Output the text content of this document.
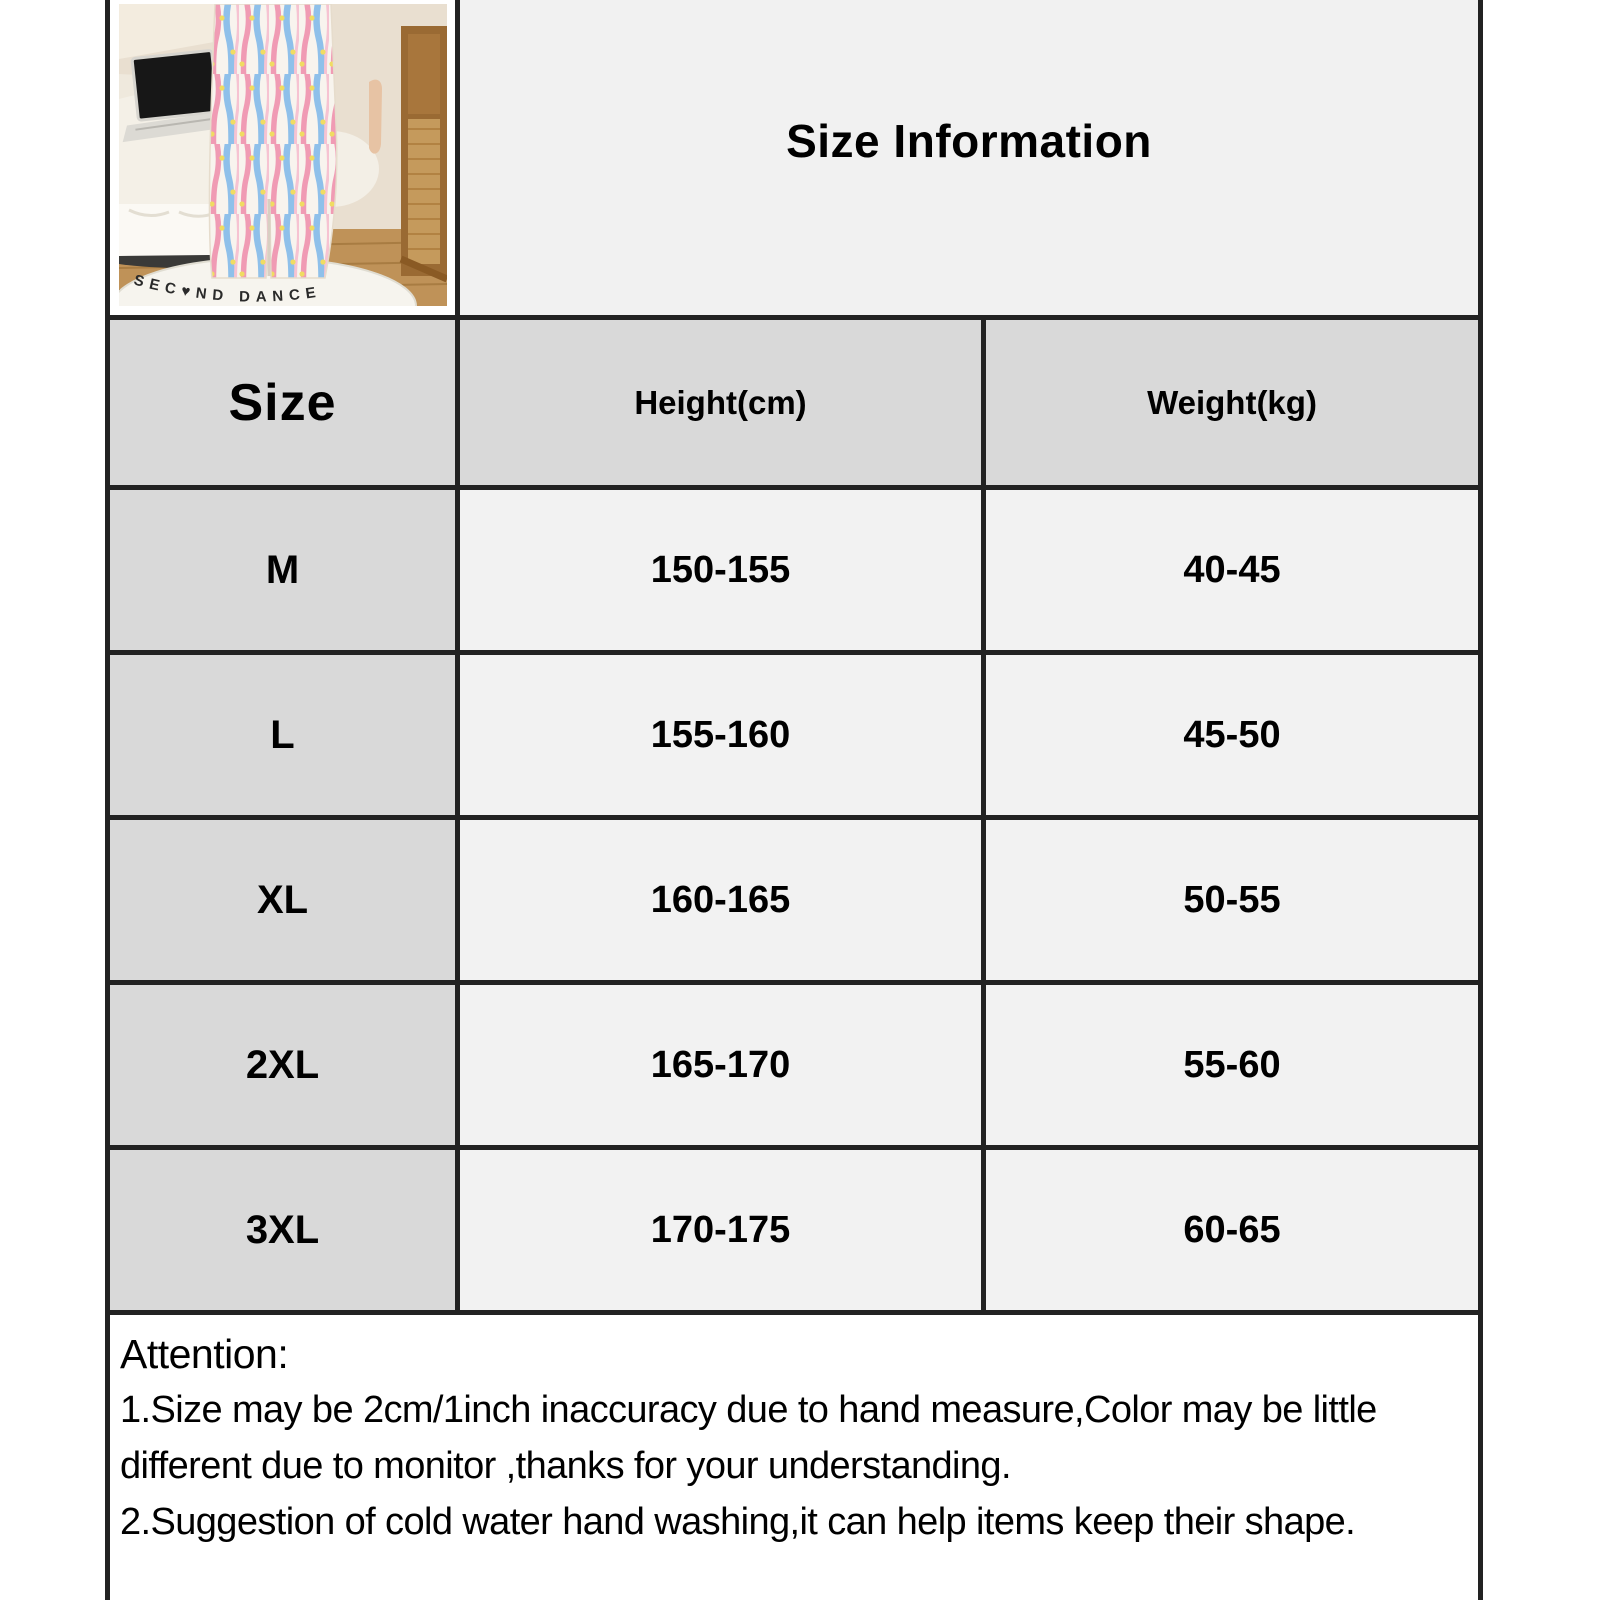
SEC♥ND DANCE
Size Information
Size	Height(cm)	Weight(kg)
M	150-155	40-45
L	155-160	45-50
XL	160-165	50-55
2XL	165-170	55-60
3XL	170-175	60-65
Attention:
1.Size may be 2cm/1inch inaccuracy due to hand measure,Color may be little
different due to monitor ,thanks for your understanding.
2.Suggestion of cold water hand washing,it can help items keep their shape.
